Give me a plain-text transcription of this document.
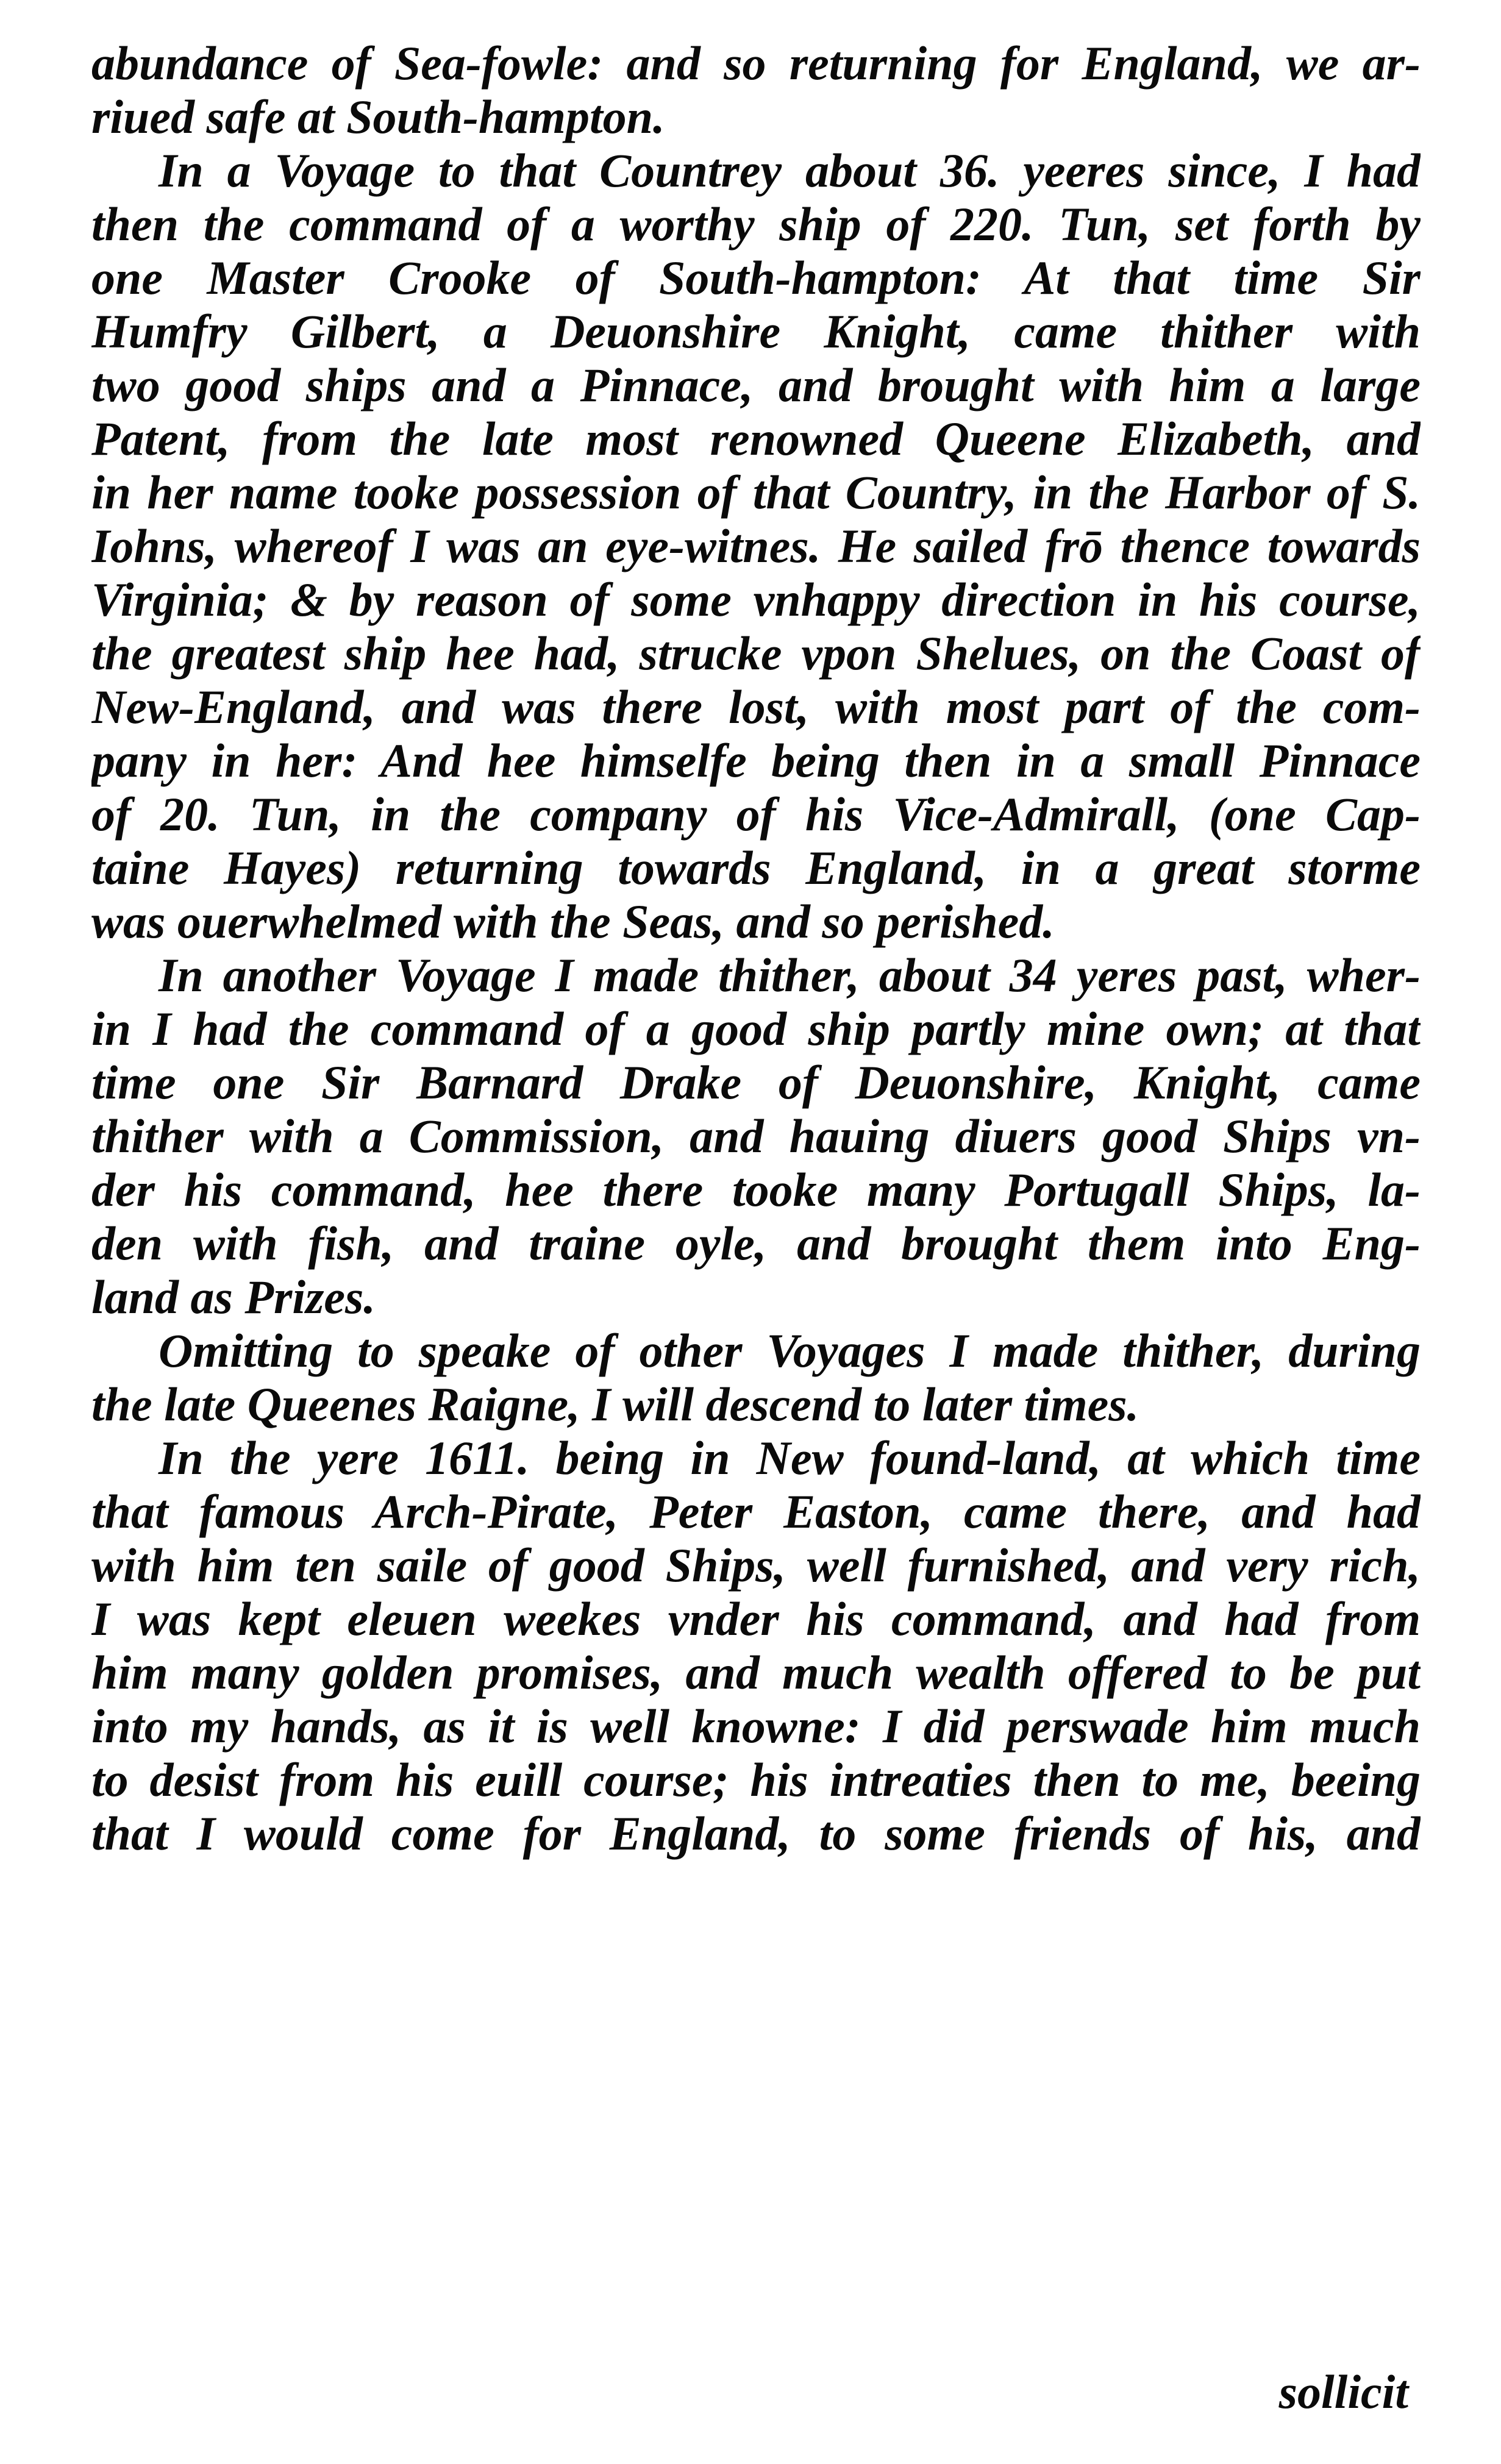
abundance of Sea-fowle: and so returning for England, we ar-
riued safe at South-hampton.
In a Voyage to that Countrey about 36. yeeres since, I had
then the command of a worthy ship of 220. Tun, set forth by
one Master Crooke of South-hampton: At that time Sir
Humfry Gilbert, a Deuonshire Knight, came thither with
two good ships and a Pinnace, and brought with him a large
Patent, from the late most renowned Queene Elizabeth, and
in her name tooke possession of that Country, in the Harbor of S.
Iohns, whereof I was an eye-witnes. He sailed frō thence towards
Virginia; & by reason of some vnhappy direction in his course,
the greatest ship hee had, strucke vpon Shelues, on the Coast of
New-England, and was there lost, with most part of the com-
pany in her: And hee himselfe being then in a small Pinnace
of 20. Tun, in the company of his Vice-Admirall, (one Cap-
taine Hayes) returning towards England, in a great storme
was ouerwhelmed with the Seas, and so perished.
In another Voyage I made thither, about 34 yeres past, wher-
in I had the command of a good ship partly mine own; at that
time one Sir Barnard Drake of Deuonshire, Knight, came
thither with a Commission, and hauing diuers good Ships vn-
der his command, hee there tooke many Portugall Ships, la-
den with fish, and traine oyle, and brought them into Eng-
land as Prizes.
Omitting to speake of other Voyages I made thither, during
the late Queenes Raigne, I will descend to later times.
In the yere 1611. being in New found-land, at which time
that famous Arch-Pirate, Peter Easton, came there, and had
with him ten saile of good Ships, well furnished, and very rich,
I was kept eleuen weekes vnder his command, and had from
him many golden promises, and much wealth offered to be put
into my hands, as it is well knowne: I did perswade him much
to desist from his euill course; his intreaties then to me, beeing
that I would come for England, to some friends of his, and
sollicit
